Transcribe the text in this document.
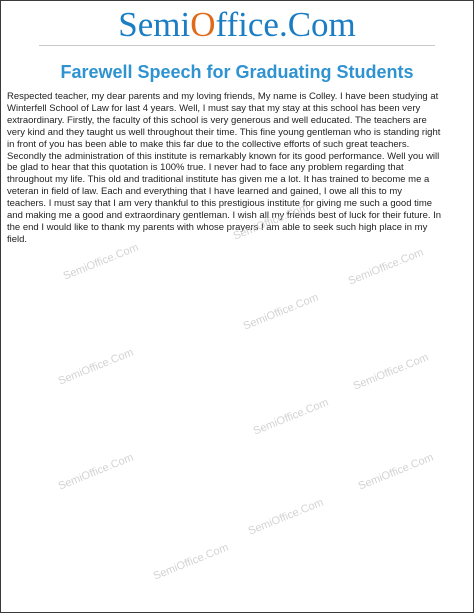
SemiOffice.Com
Farewell Speech for Graduating Students
Respected teacher, my dear parents and my loving friends, My name is Colley. I have been studying at Winterfell School of Law for last 4 years. Well, I must say that my stay at this school has been very extraordinary. Firstly, the faculty of this school is very generous and well educated. The teachers are very kind and they taught us well throughout their time. This fine young gentleman who is standing right in front of you has been able to make this far due to the collective efforts of such great teachers. Secondly the administration of this institute is remarkably known for its good performance. Well you will be glad to hear that this quotation is 100% true. I never had to face any problem regarding that throughout my life. This old and traditional institute has given me a lot. It has trained to become me a veteran in field of law. Each and everything that I have learned and gained, I owe all this to my teachers. I must say that I am very thankful to this prestigious institute for giving me such a good time and making me a good and extraordinary gentleman. I wish all my friends best of luck for their future. In the end I would like to thank my parents with whose prayers I am able to seek such high place in my field.	SemiOffice.Com
SemiOffice.Com	SemiOffice.Com
SemiOffice.Com
SemiOffice.Com	SemiOffice.Com
SemiOffice.Com
SemiOffice.Com	SemiOffice.Com
SemiOffice.Com
SemiOffice.Com
